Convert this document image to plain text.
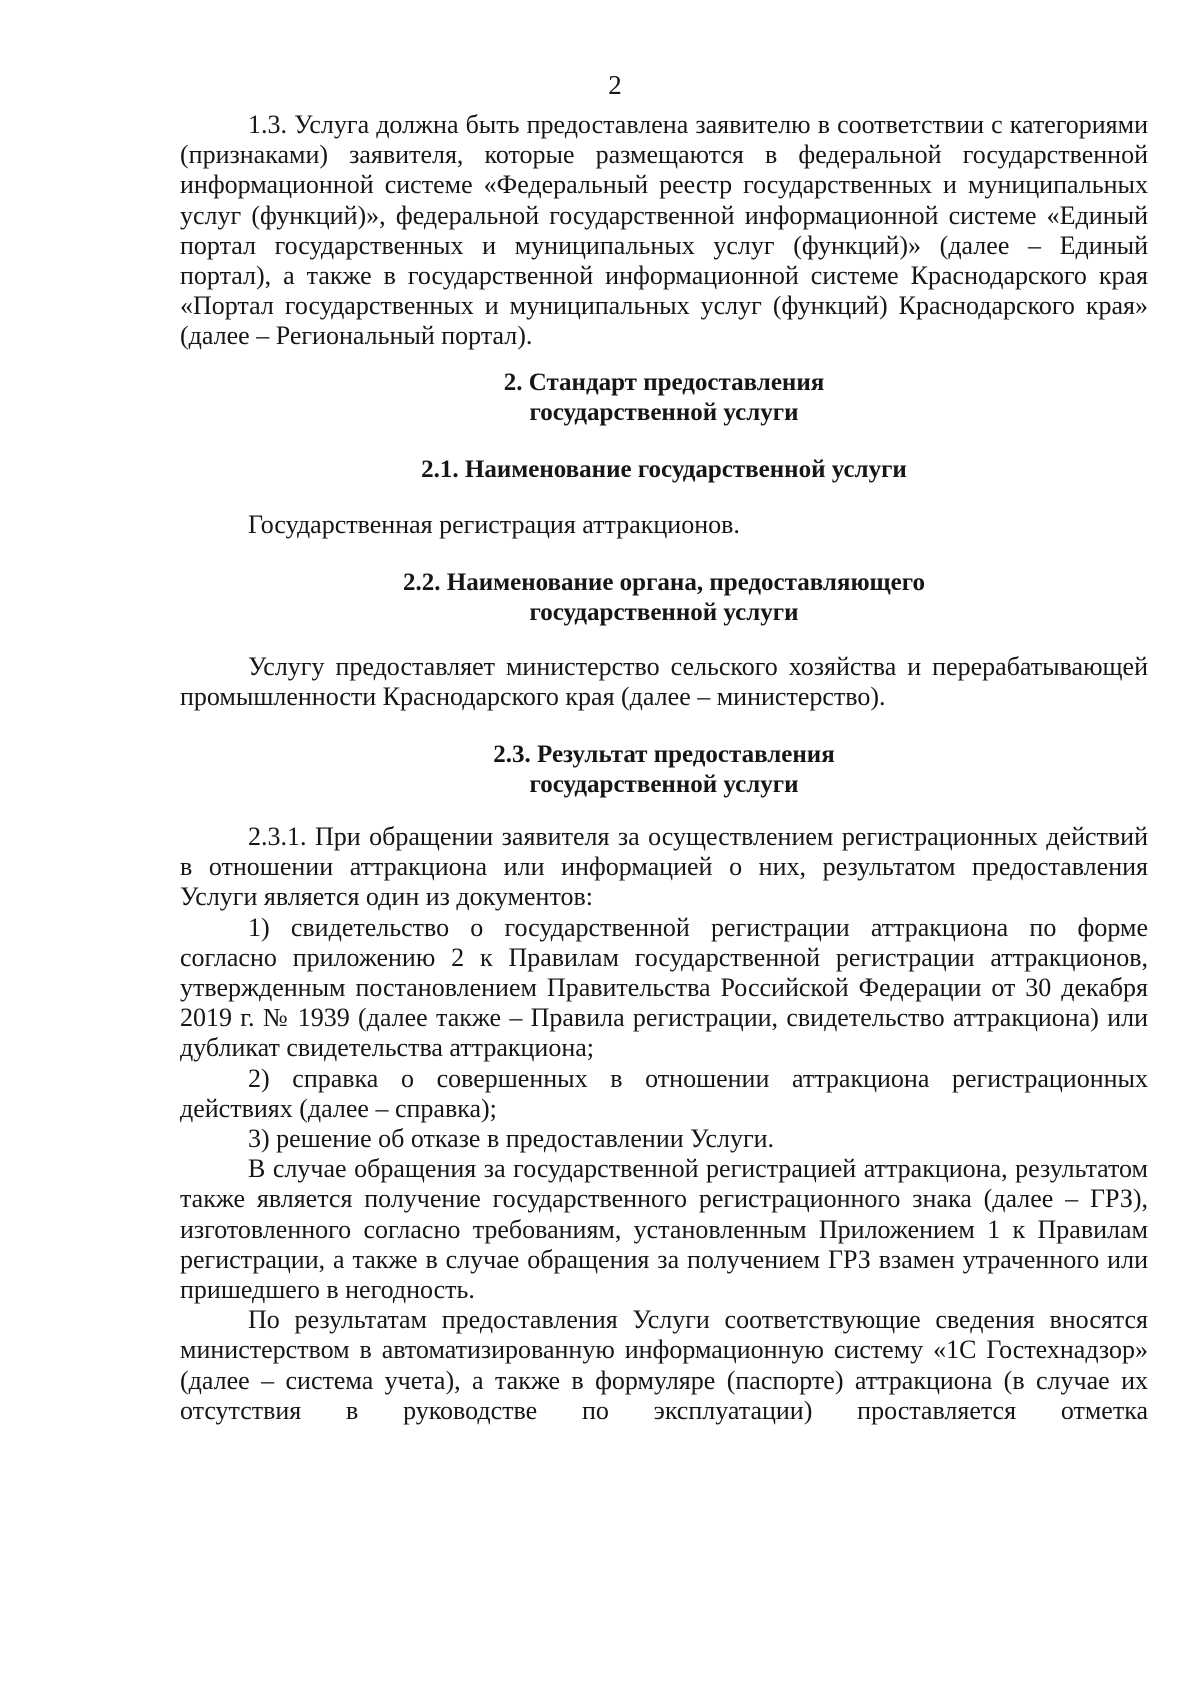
2

1.3. Услуга должна быть предоставлена заявителю в соответствии с категориями (признаками) заявителя, которые размещаются в федеральной государственной информационной системе «Федеральный реестр государственных и муниципальных услуг (функций)», федеральной государственной информационной системе «Единый портал государственных и муниципальных услуг (функций)» (далее – Единый портал), а также в государственной информационной системе Краснодарского края «Портал государственных и муниципальных услуг (функций) Краснодарского края» (далее – Региональный портал).

2. Стандарт предоставления
государственной услуги
2.1. Наименование государственной услуги

Государственная регистрация аттракционов.

2.2. Наименование органа, предоставляющего
государственной услуги

Услугу предоставляет министерство сельского хозяйства и перерабатывающей промышленности Краснодарского края (далее – министерство).

2.3. Результат предоставления
государственной услуги

2.3.1. При обращении заявителя за осуществлением регистрационных действий в отношении аттракциона или информацией о них, результатом предоставления Услуги является один из документов:

1) свидетельство о государственной регистрации аттракциона по форме согласно приложению 2 к Правилам государственной регистрации аттракционов, утвержденным постановлением Правительства Российской Федерации от 30 декабря 2019 г. № 1939 (далее также – Правила регистрации, свидетельство аттракциона) или дубликат свидетельства аттракциона;

2) справка о совершенных в отношении аттракциона регистрационных действиях (далее – справка);

3) решение об отказе в предоставлении Услуги.

В случае обращения за государственной регистрацией аттракциона, результатом также является получение государственного регистрационного знака (далее – ГРЗ), изготовленного согласно требованиям, установленным Приложением 1 к Правилам регистрации, а также в случае обращения за получением ГРЗ взамен утраченного или пришедшего в негодность.

По результатам предоставления Услуги соответствующие сведения вносятся министерством в автоматизированную информационную систему «1С Гостехнадзор» (далее – система учета), а также в формуляре (паспорте) аттракциона (в случае их отсутствия в руководстве по эксплуатации) проставляется отметка
